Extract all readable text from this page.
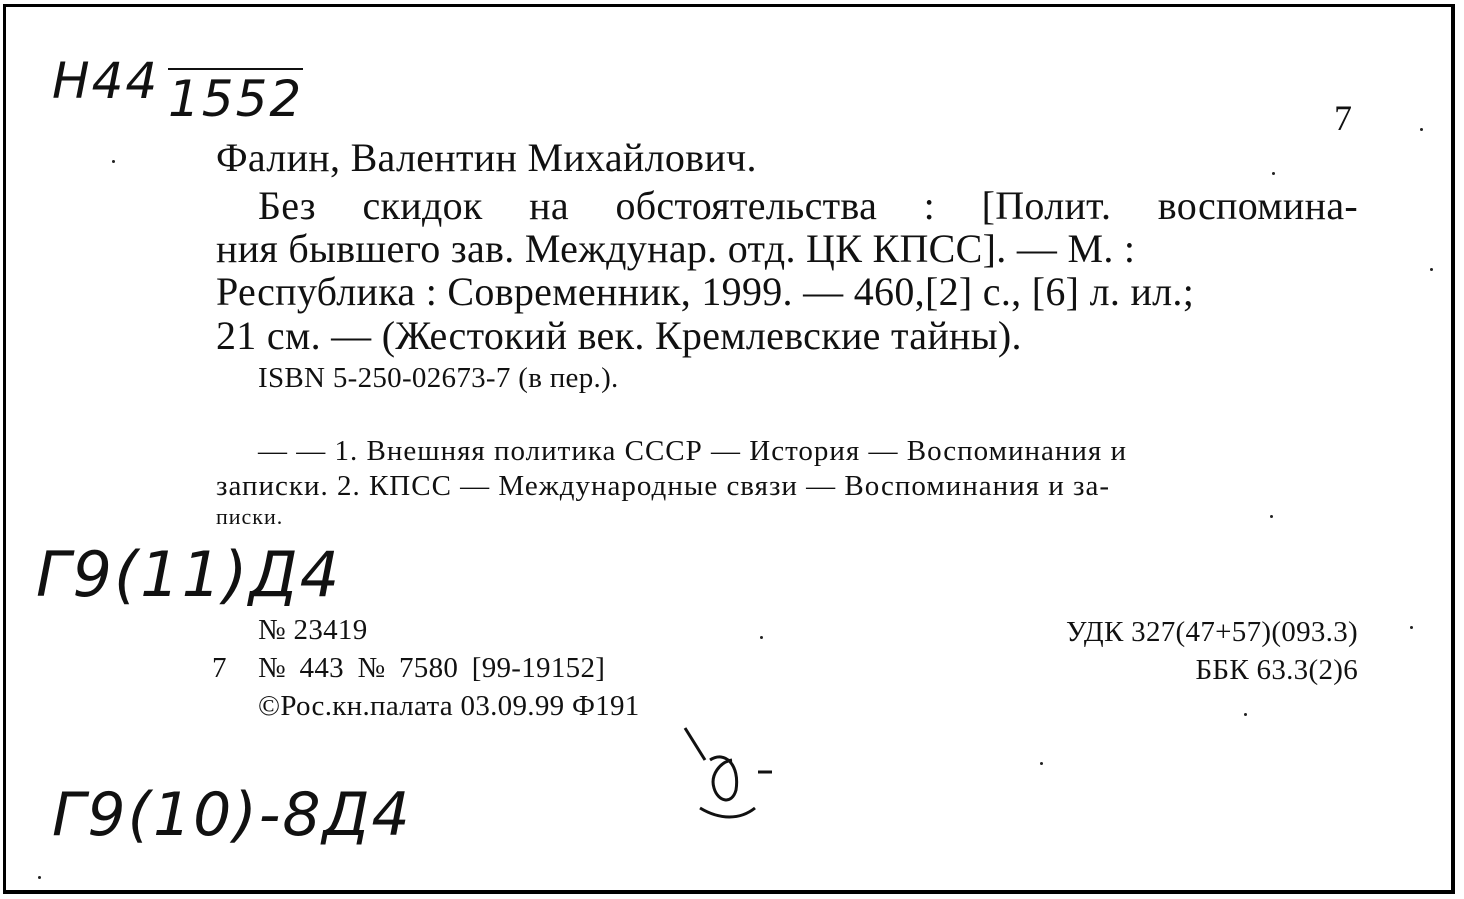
Н44 1552	7
Фалин, Валентин Михайлович.
Без скидок на обстоятельства : [Полит. воспомина-
ния бывшего зав. Междунар. отд. ЦК КПСС]. — М. :
Республика : Современник, 1999. — 460,[2] с., [6] л. ил.;
21 см. — (Жестокий век. Кремлевские тайны).
ISBN 5-250-02673-7 (в пер.).
— — 1. Внешняя политика СССР — История — Воспоминания и
записки. 2. КПСС — Международные связи — Воспоминания и за-
писки.
Г9(11)Д4
№ 23419
7 № 443 № 7580 [99-19152]
©Рос.кн.палата 03.09.99 Ф191
УДК 327(47+57)(093.3)
ББК 63.3(2)6
Г9(10)-8Д4
